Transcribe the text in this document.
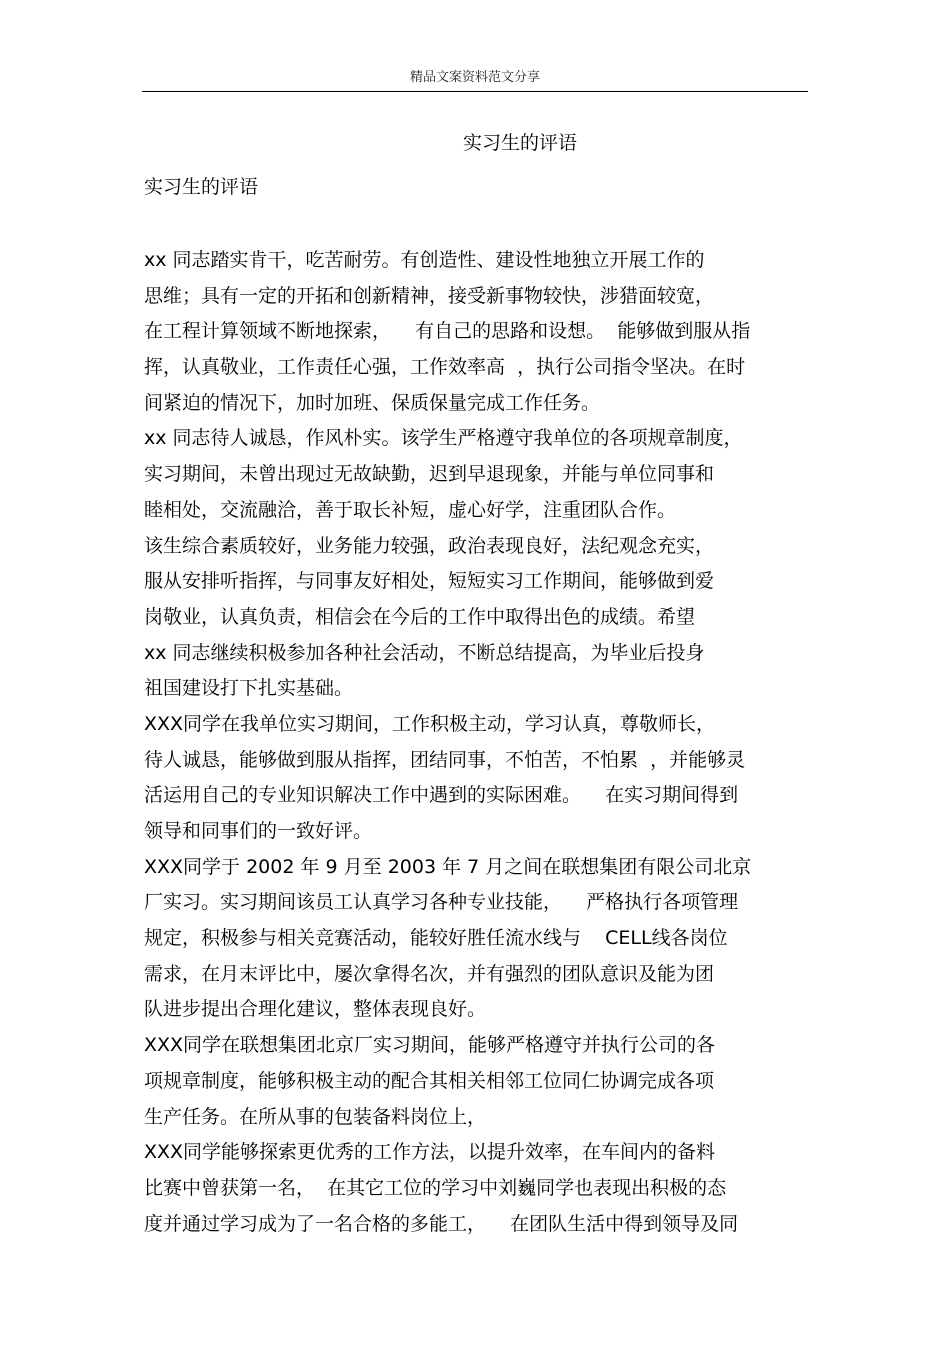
精品文案资料范文分享
实习生的评语
实习生的评语
xx 同志踏实肯干，吃苦耐劳。有创造性、建设性地独立开展工作的
思维；具有一定的开拓和创新精神，接受新事物较快，涉猎面较宽，
在工程计算领域不断地探索，    有自己的思路和设想。  能够做到服从指
挥，认真敬业，工作责任心强，工作效率高  ，执行公司指令坚决。在时
间紧迫的情况下，加时加班、保质保量完成工作任务。
xx 同志待人诚恳，作风朴实。该学生严格遵守我单位的各项规章制度，
实习期间，未曾出现过无故缺勤，迟到早退现象，并能与单位同事和
睦相处，交流融洽，善于取长补短，虚心好学，注重团队合作。
该生综合素质较好，业务能力较强，政治表现良好，法纪观念充实，
服从安排听指挥，与同事友好相处，短短实习工作期间，能够做到爱
岗敬业，认真负责，相信会在今后的工作中取得出色的成绩。希望
xx 同志继续积极参加各种社会活动，不断总结提高，为毕业后投身
祖国建设打下扎实基础。
XXX同学在我单位实习期间，工作积极主动，学习认真，尊敬师长，
待人诚恳，能够做到服从指挥，团结同事，不怕苦，不怕累  ，并能够灵
活运用自己的专业知识解决工作中遇到的实际困难。    在实习期间得到
领导和同事们的一致好评。
XXX同学于 2002 年 9 月至 2003 年 7 月之间在联想集团有限公司北京
厂实习。实习期间该员工认真学习各种专业技能，    严格执行各项管理
规定，积极参与相关竞赛活动，能较好胜任流水线与    CELL线各岗位
需求，在月末评比中，屡次拿得名次，并有强烈的团队意识及能为团
队进步提出合理化建议，整体表现良好。
XXX同学在联想集团北京厂实习期间，能够严格遵守并执行公司的各
项规章制度，能够积极主动的配合其相关相邻工位同仁协调完成各项
生产任务。在所从事的包装备料岗位上，
XXX同学能够探索更优秀的工作方法，以提升效率，在车间内的备料
比赛中曾获第一名，  在其它工位的学习中刘巍同学也表现出积极的态
度并通过学习成为了一名合格的多能工，    在团队生活中得到领导及同
